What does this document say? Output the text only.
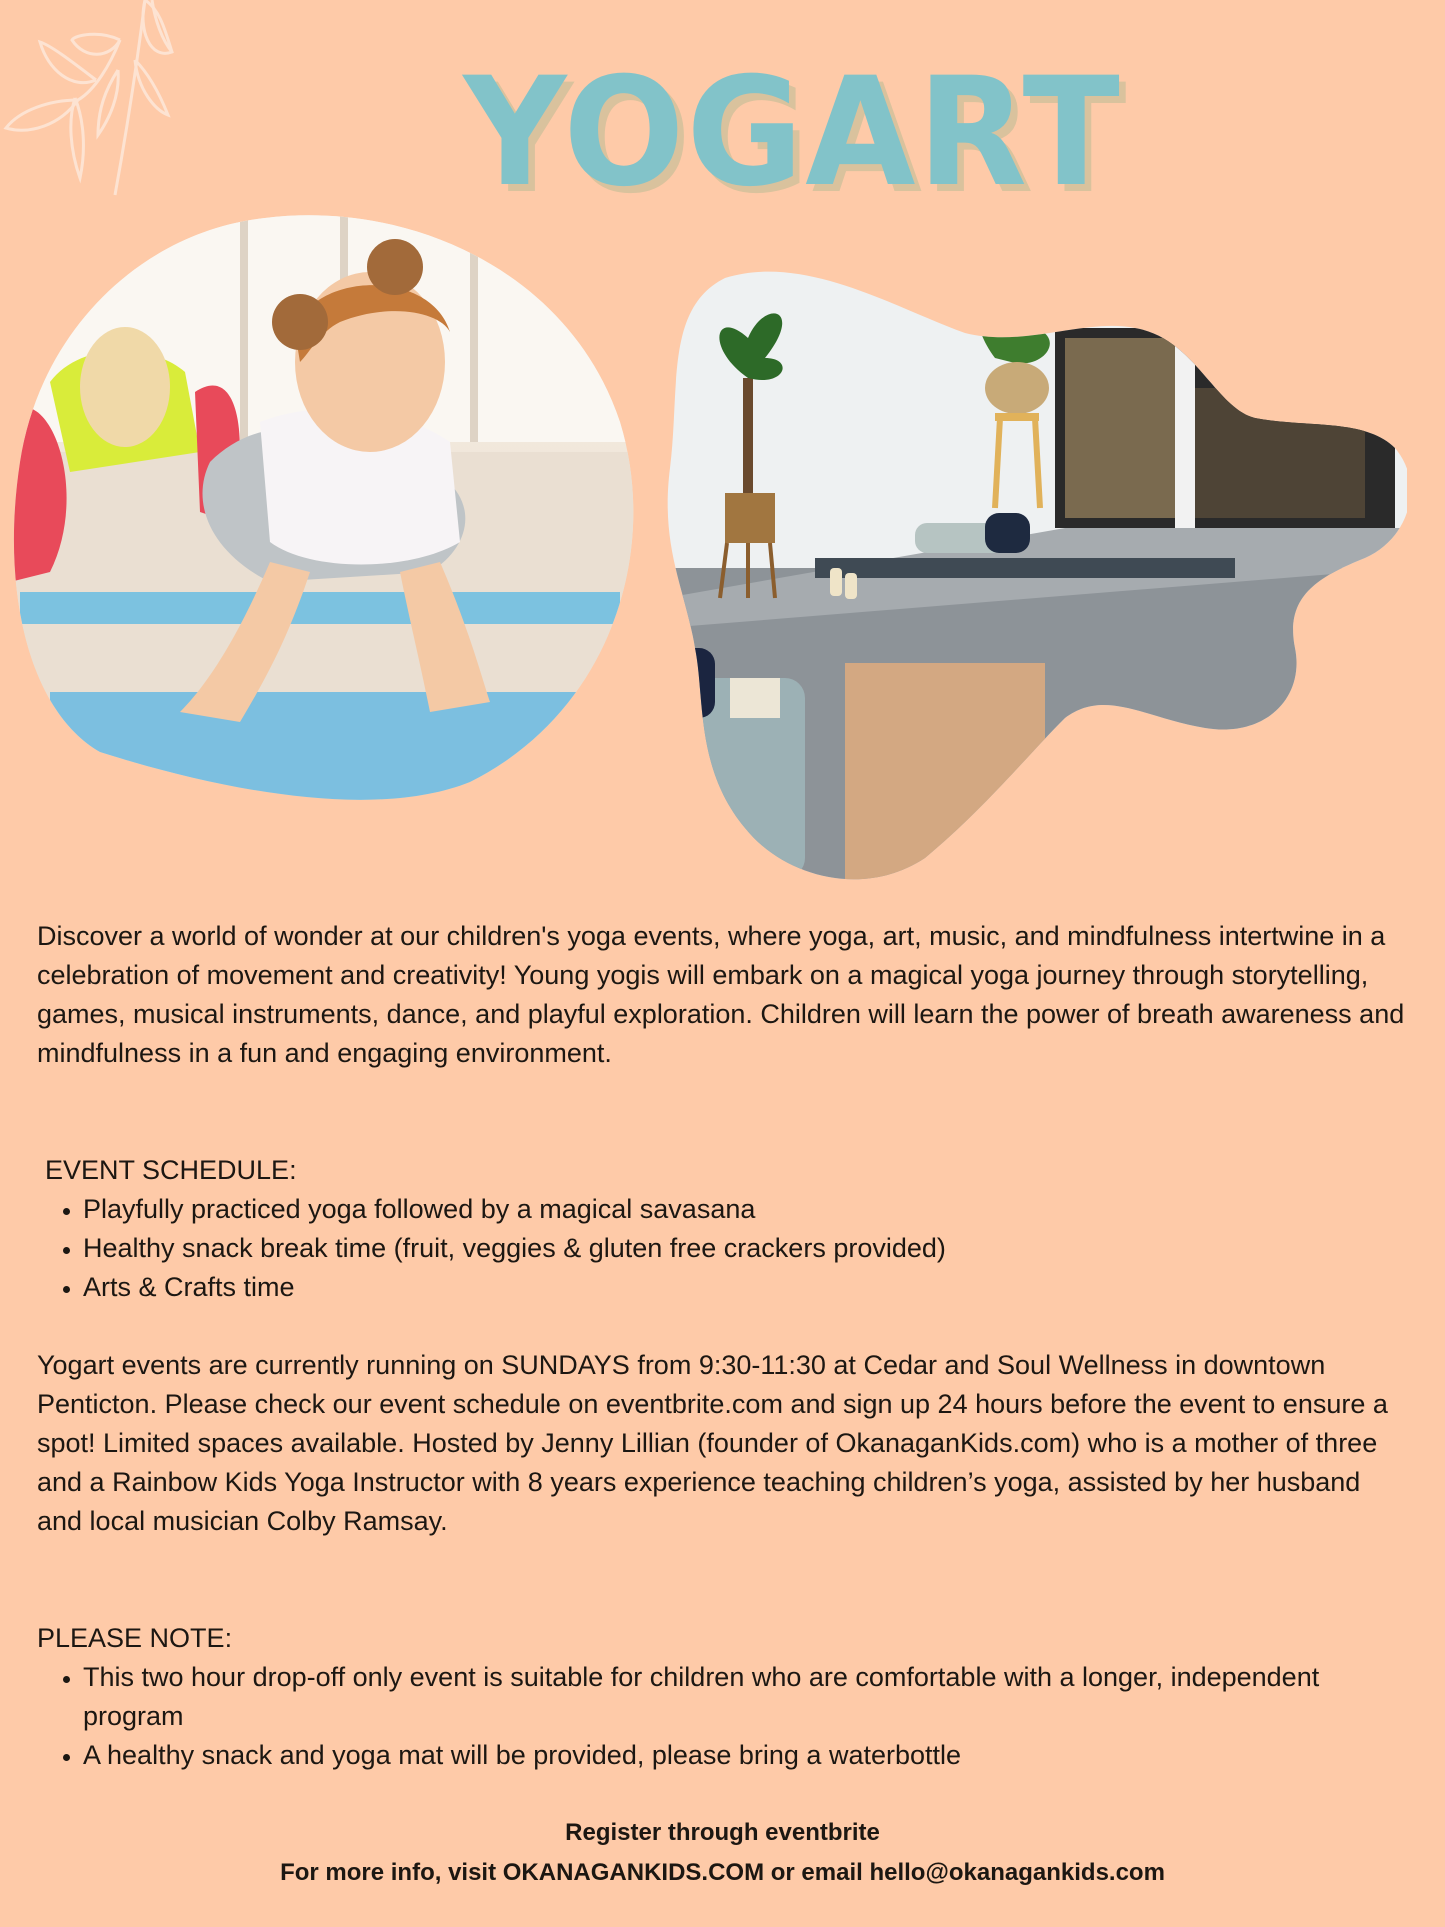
YOGART

Discover a world of wonder at our children's yoga events, where yoga, art, music, and mindfulness intertwine in a celebration of movement and creativity! Young yogis will embark on a magical yoga journey through storytelling, games, musical instruments, dance, and playful exploration. Children will learn the power of breath awareness and mindfulness in a fun and engaging environment.

EVENT SCHEDULE:

• Playfully practiced yoga followed by a magical savasana
• Healthy snack break time (fruit, veggies & gluten free crackers provided)
• Arts & Crafts time

Yogart events are currently running on SUNDAYS from 9:30-11:30 at Cedar and Soul Wellness in downtown Penticton. Please check our event schedule on eventbrite.com and sign up 24 hours before the event to ensure a spot! Limited spaces available. Hosted by Jenny Lillian (founder of OkanaganKids.com) who is a mother of three and a Rainbow Kids Yoga Instructor with 8 years experience teaching children’s yoga, assisted by her husband and local musician Colby Ramsay.

PLEASE NOTE:

• This two hour drop-off only event is suitable for children who are comfortable with a longer, independent program
• A healthy snack and yoga mat will be provided, please bring a waterbottle
Register through eventbrite
For more info, visit OKANAGANKIDS.COM or email hello@okanagankids.com
